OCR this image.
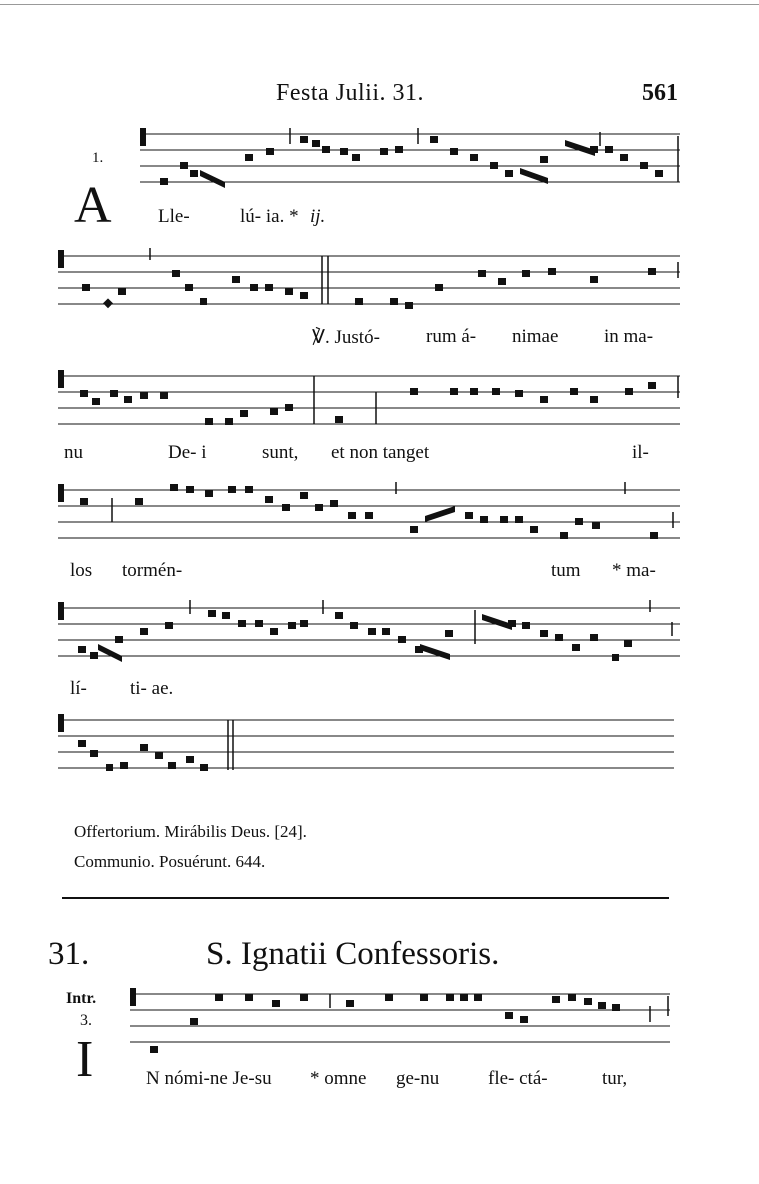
Festa Julii. 31.	561
1.
A Lle-	lú- ia. * ij.
℣. Justó- rum á- nimae in ma-
nu	De- i	sunt, et non tanget	il-
los tormén-	tum * ma-
lí- ti- ae.
Offertorium. Mirábilis Deus. [24].
Communio. Posuérunt. 644.
31.	S. Ignatii Confessoris.
Intr.
3.
I	N nómi-ne Je-su * omne ge-nu	fle- ctá-	tur,
